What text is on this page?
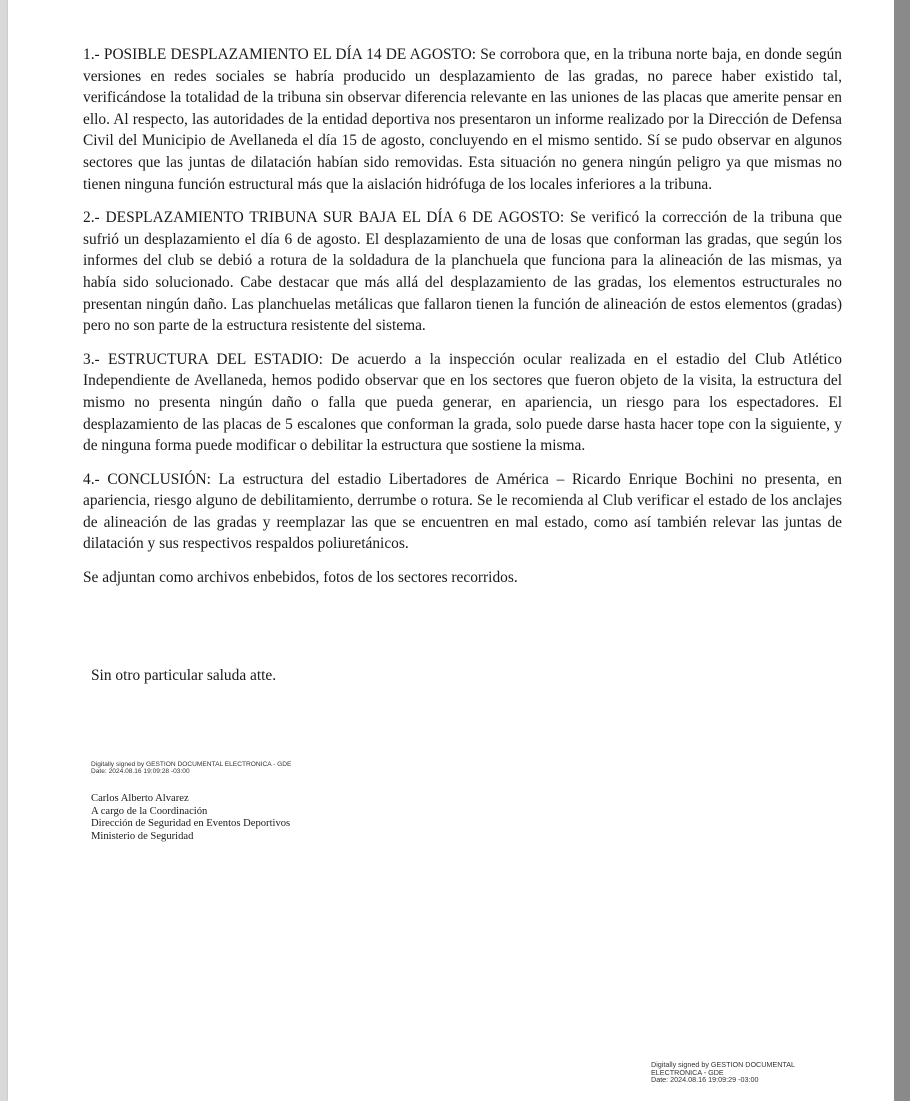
1.- POSIBLE DESPLAZAMIENTO EL DÍA 14 DE AGOSTO: Se corrobora que, en la tribuna norte baja, en donde según versiones en redes sociales se habría producido un desplazamiento de las gradas, no parece haber existido tal, verificándose la totalidad de la tribuna sin observar diferencia relevante en las uniones de las placas que amerite pensar en ello. Al respecto, las autoridades de la entidad deportiva nos presentaron un informe realizado por la Dirección de Defensa Civil del Municipio de Avellaneda el día 15 de agosto, concluyendo en el mismo sentido. Sí se pudo observar en algunos sectores que las juntas de dilatación habían sido removidas. Esta situación no genera ningún peligro ya que mismas no tienen ninguna función estructural más que la aislación hidrófuga de los locales inferiores a la tribuna.

2.- DESPLAZAMIENTO TRIBUNA SUR BAJA EL DÍA 6 DE AGOSTO: Se verificó la corrección de la tribuna que sufrió un desplazamiento el día 6 de agosto. El desplazamiento de una de losas que conforman las gradas, que según los informes del club se debió a rotura de la soldadura de la planchuela que funciona para la alineación de las mismas, ya había sido solucionado. Cabe destacar que más allá del desplazamiento de las gradas, los elementos estructurales no presentan ningún daño. Las planchuelas metálicas que fallaron tienen la función de alineación de estos elementos (gradas) pero no son parte de la estructura resistente del sistema.

3.- ESTRUCTURA DEL ESTADIO: De acuerdo a la inspección ocular realizada en el estadio del Club Atlético Independiente de Avellaneda, hemos podido observar que en los sectores que fueron objeto de la visita, la estructura del mismo no presenta ningún daño o falla que pueda generar, en apariencia, un riesgo para los espectadores. El desplazamiento de las placas de 5 escalones que conforman la grada, solo puede darse hasta hacer tope con la siguiente, y de ninguna forma puede modificar o debilitar la estructura que sostiene la misma.

4.- CONCLUSIÓN: La estructura del estadio Libertadores de América – Ricardo Enrique Bochini no presenta, en apariencia, riesgo alguno de debilitamiento, derrumbe o rotura. Se le recomienda al Club verificar el estado de los anclajes de alineación de las gradas y reemplazar las que se encuentren en mal estado, como así también relevar las juntas de dilatación y sus respectivos respaldos poliuretánicos.

Se adjuntan como archivos enbebidos, fotos de los sectores recorridos.

Sin otro particular saluda atte.

Digitally signed by GESTION DOCUMENTAL ELECTRONICA - GDE
Date: 2024.08.16 19:09:28 -03:00
Carlos Alberto Alvarez
A cargo de la Coordinación
Dirección de Seguridad en Eventos Deportivos
Ministerio de Seguridad
Digitally signed by GESTION DOCUMENTAL
ELECTRONICA - GDE
Date: 2024.08.16 19:09:29 -03:00
